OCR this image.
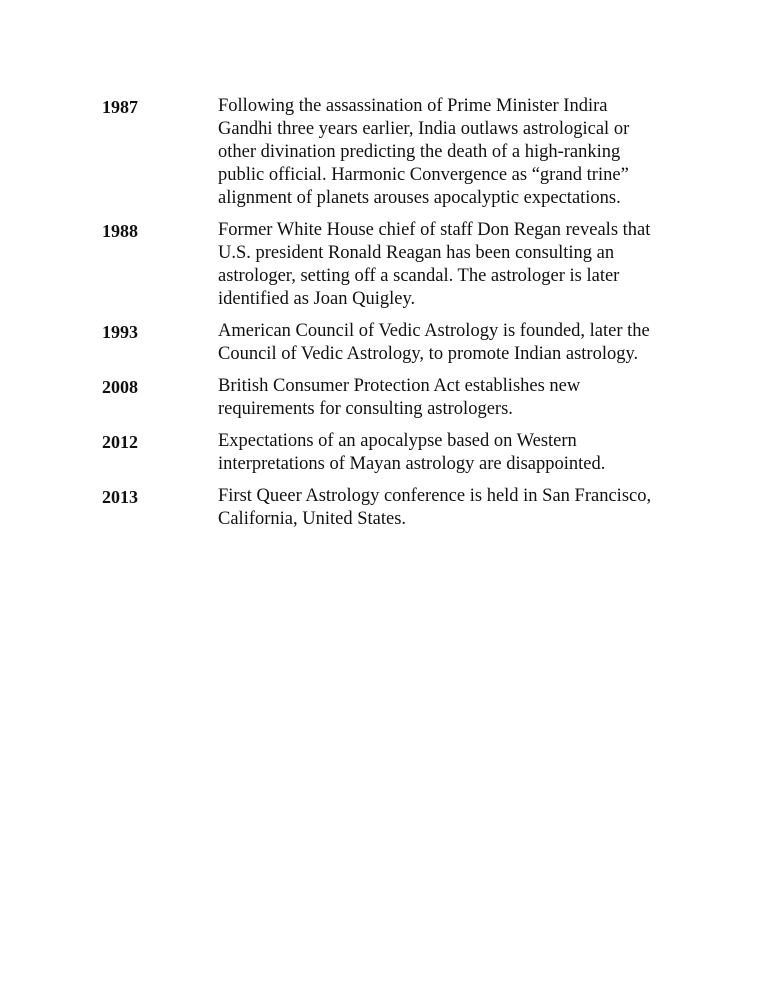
1987	Following the assassination of Prime Minister Indira
Gandhi three years earlier, India outlaws astrological or
other divination predicting the death of a high-ranking
public official. Harmonic Convergence as “grand trine”
alignment of planets arouses apocalyptic expectations.
1988	Former White House chief of staff Don Regan reveals that
U.S. president Ronald Reagan has been consulting an
astrologer, setting off a scandal. The astrologer is later
identified as Joan Quigley.
1993	American Council of Vedic Astrology is founded, later the
Council of Vedic Astrology, to promote Indian astrology.
2008	British Consumer Protection Act establishes new
requirements for consulting astrologers.
2012	Expectations of an apocalypse based on Western
interpretations of Mayan astrology are disappointed.
2013	First Queer Astrology conference is held in San Francisco,
California, United States.
